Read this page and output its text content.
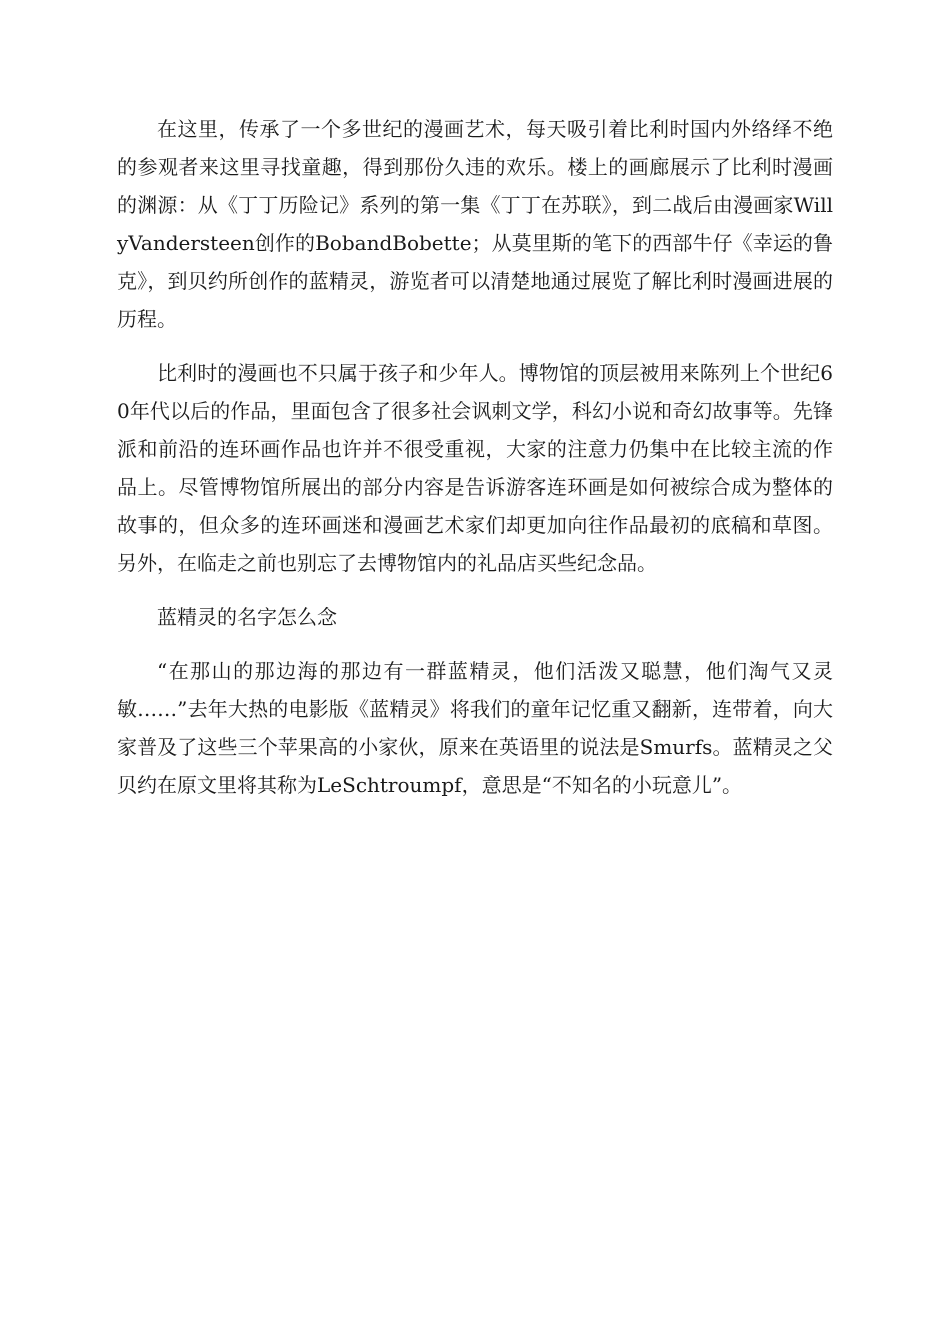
在这里，传承了一个多世纪的漫画艺术，每天吸引着比利时国内外络绎不绝的参观者来这里寻找童趣，得到那份久违的欢乐。楼上的画廊展示了比利时漫画的渊源：从《丁丁历险记》系列的第一集《丁丁在苏联》，到二战后由漫画家WillyVandersteen创作的BobandBobette；从莫里斯的笔下的西部牛仔《幸运的鲁克》，到贝约所创作的蓝精灵，游览者可以清楚地通过展览了解比利时漫画进展的历程。

比利时的漫画也不只属于孩子和少年人。博物馆的顶层被用来陈列上个世纪60年代以后的作品，里面包含了很多社会讽刺文学，科幻小说和奇幻故事等。先锋派和前沿的连环画作品也许并不很受重视，大家的注意力仍集中在比较主流的作品上。尽管博物馆所展出的部分内容是告诉游客连环画是如何被综合成为整体的故事的，但众多的连环画迷和漫画艺术家们却更加向往作品最初的底稿和草图。另外，在临走之前也别忘了去博物馆内的礼品店买些纪念品。

蓝精灵的名字怎么念

“在那山的那边海的那边有一群蓝精灵，他们活泼又聪慧，他们淘气又灵敏……”去年大热的电影版《蓝精灵》将我们的童年记忆重又翻新，连带着，向大家普及了这些三个苹果高的小家伙，原来在英语里的说法是Smurfs。蓝精灵之父贝约在原文里将其称为LeSchtroumpf，意思是“不知名的小玩意儿”。
